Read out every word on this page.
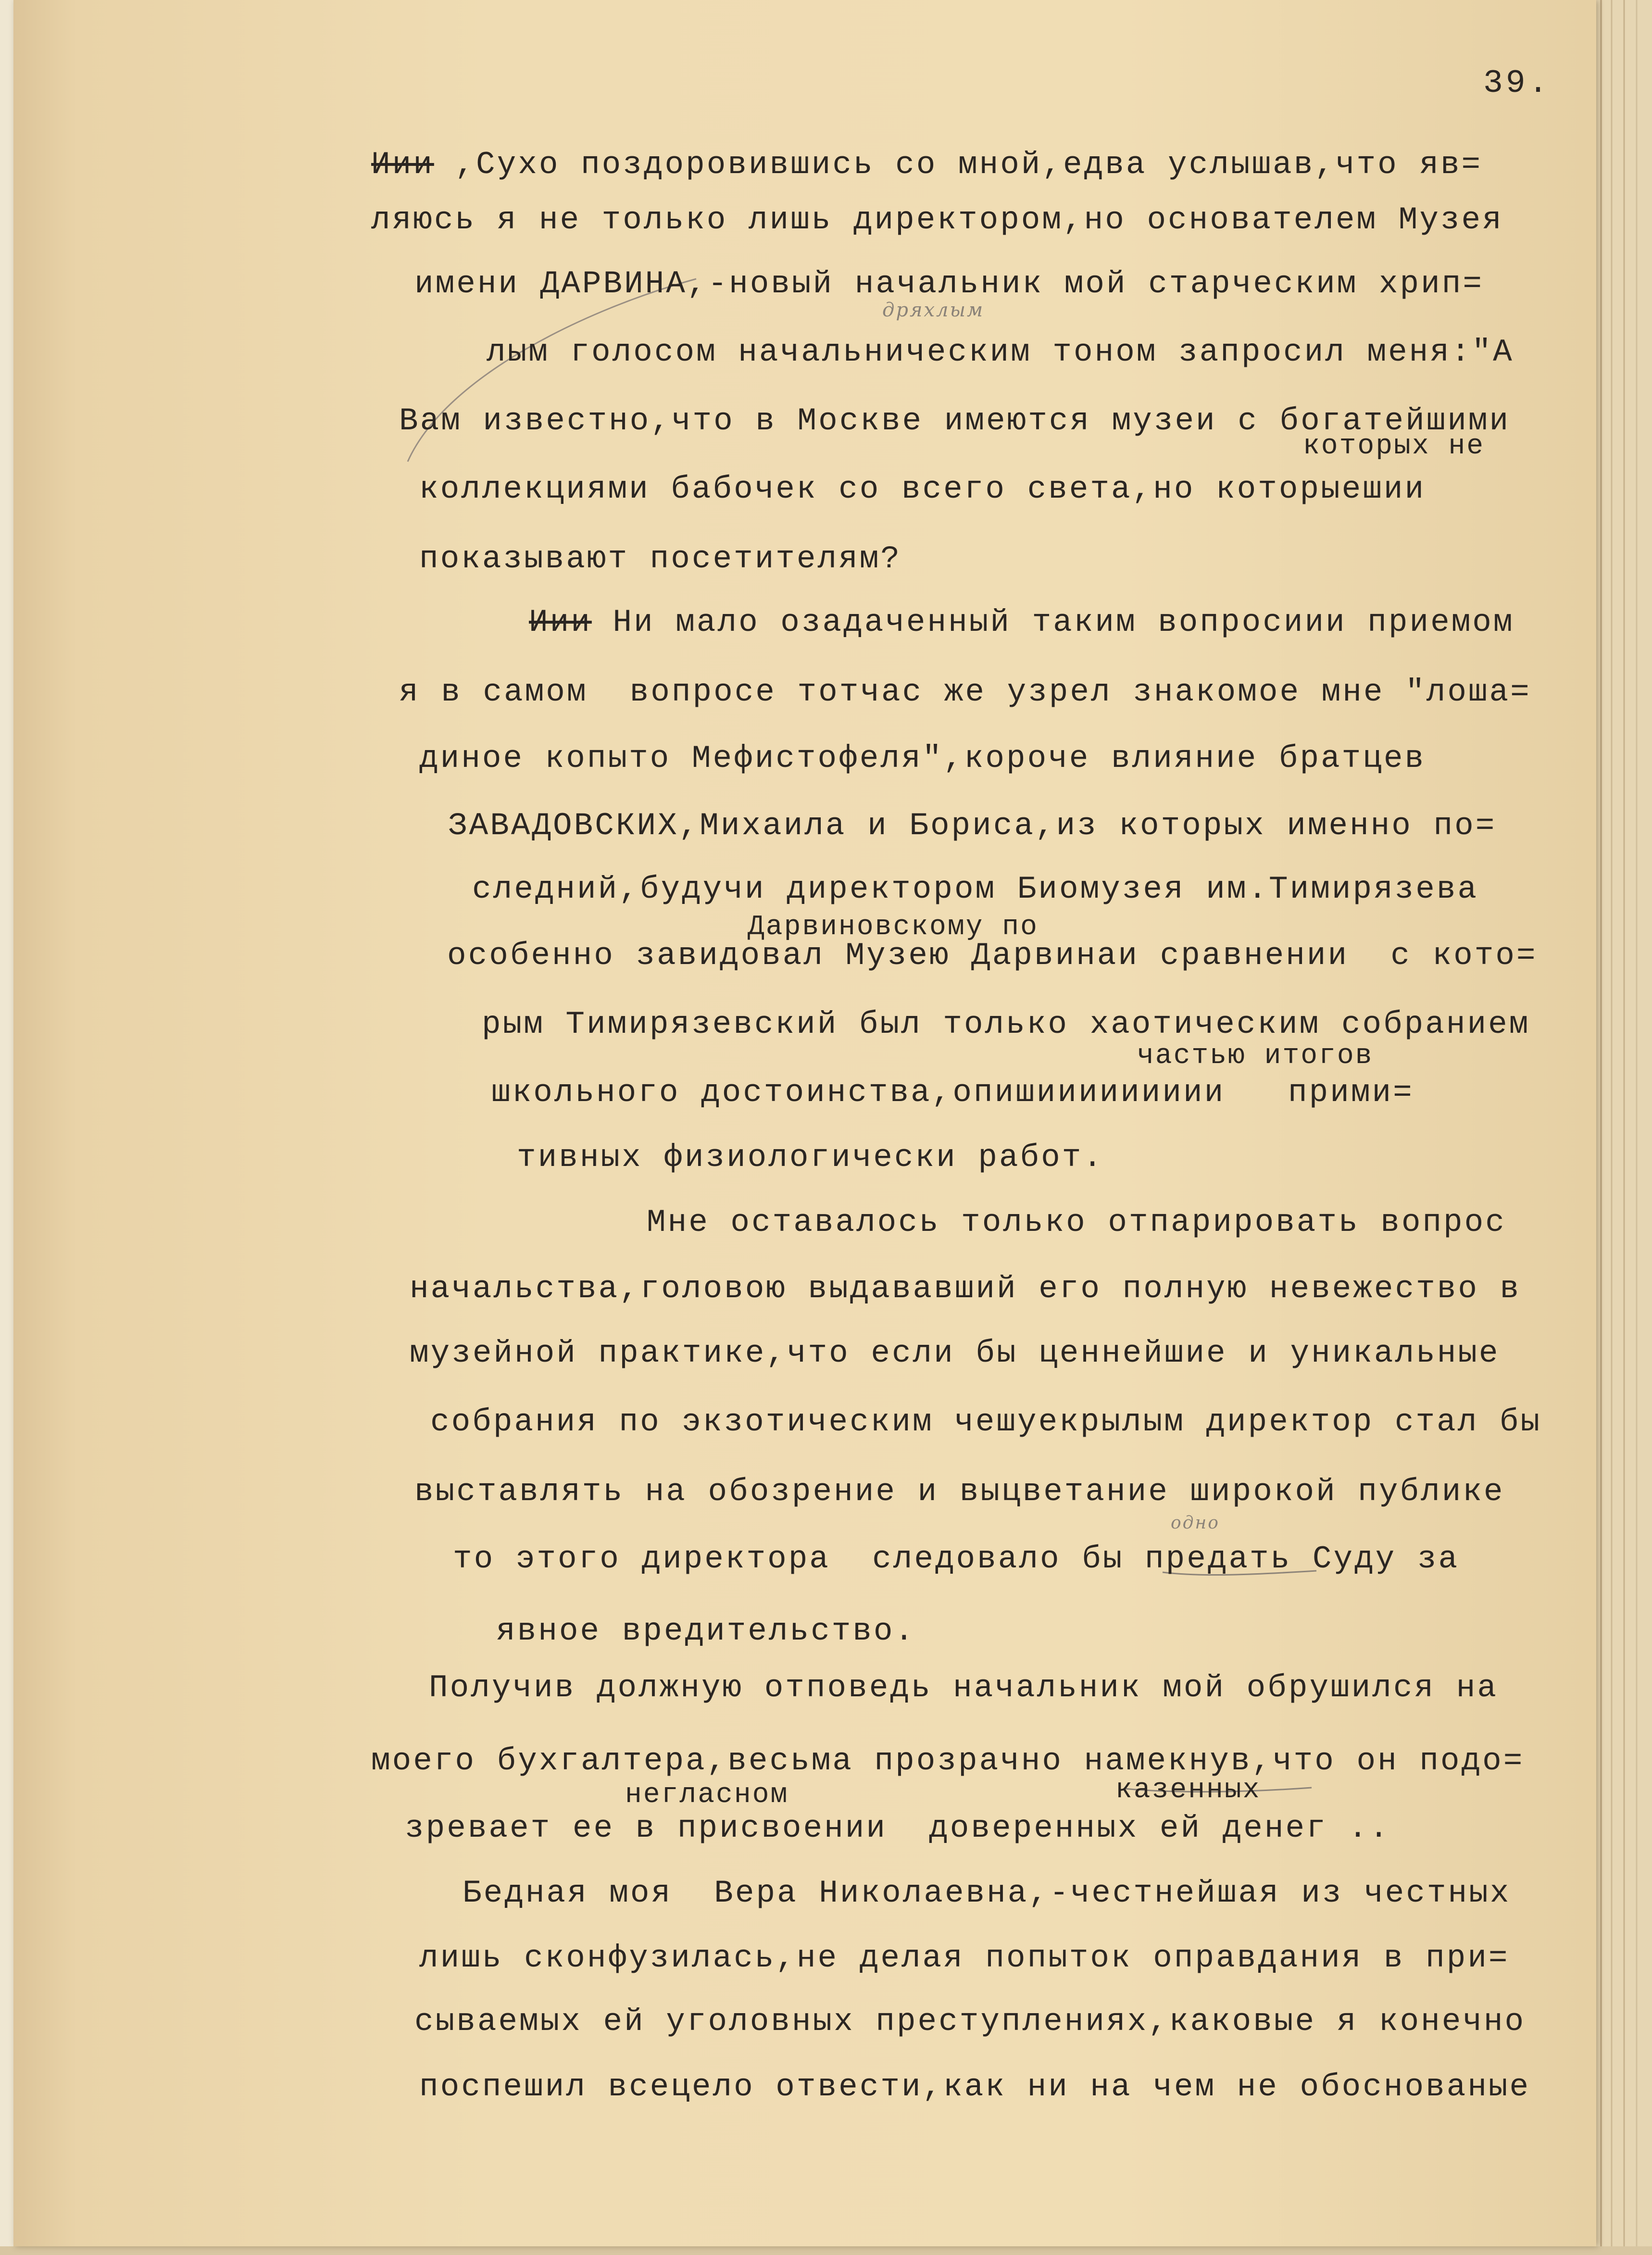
39.
дряхлым
одно
Иии ,Сухо поздоровившись со мной,едва услышав,что яв=
ляюсь я не только лишь директором,но основателем Музея
имени ДАРВИНА,-новый начальник мой старческим хрип=
лым голосом начальническим тоном запросил меня:"А
Вам известно,что в Москве имеются музеи с богатейшими
которых не
коллекциями бабочек со всего света,но которыешии
показывают посетителям?
Иии Ни мало озадаченный таким вопросиии приемом
я в самом  вопросе тотчас же узрел знакомое мне "лоша=
диное копыто Мефистофеля",короче влияние братцев
ЗАВАДОВСКИХ,Михаила и Бориса,из которых именно по=
следний,будучи директором Биомузея им.Тимирязева
Дарвиновскому по
особенно завидовал Музею Дарвинаи сравнении  с кото=
рым Тимирязевский был только хаотическим собранием
частью итогов
школьного достоинства,опишиииииииии   прими=
тивных физиологически работ.
Мне оставалось только отпарировать вопрос
начальства,головою выдававший его полную невежество в
музейной практике,что если бы ценнейшие и уникальные
собрания по экзотическим чешуекрылым директор стал бы
выставлять на обозрение и выцветание широкой публике
то этого директора  следовало бы предать Суду за
явное вредительство.
Получив должную отповедь начальник мой обрушился на
моего бухгалтера,весьма прозрачно намекнув,что он подо=
негласном	казенных
зревает ее в присвоении  доверенных ей денег ..
Бедная моя  Вера Николаевна,-честнейшая из честных
лишь сконфузилась,не делая попыток оправдания в при=
сываемых ей уголовных преступлениях,каковые я конечно
поспешил всецело отвести,как ни на чем не обоснованые
